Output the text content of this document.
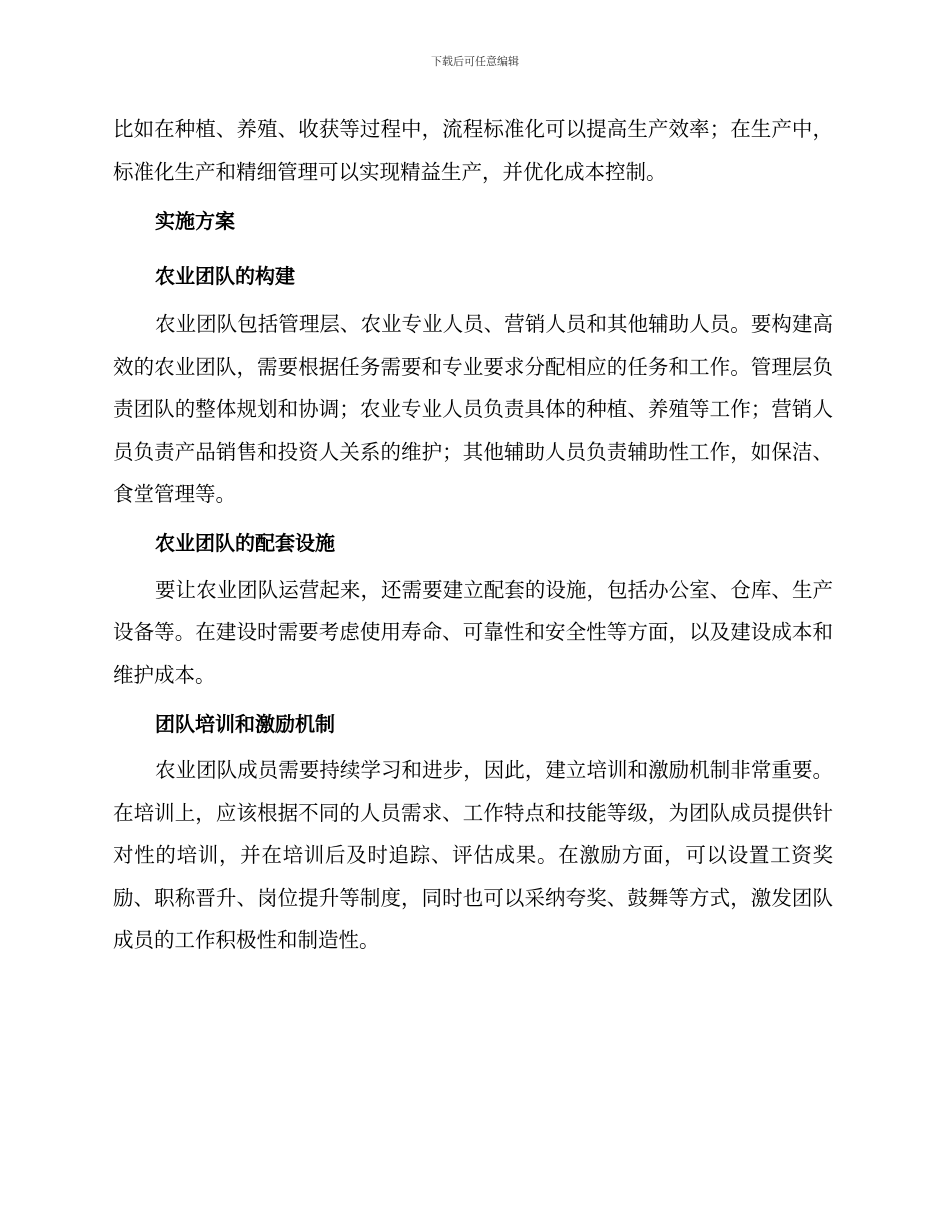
下载后可任意编辑

比如在种植、养殖、收获等过程中，流程标准化可以提高生产效率；在生产中，标准化生产和精细管理可以实现精益生产，并优化成本控制。

实施方案

农业团队的构建

农业团队包括管理层、农业专业人员、营销人员和其他辅助人员。要构建高效的农业团队，需要根据任务需要和专业要求分配相应的任务和工作。管理层负责团队的整体规划和协调；农业专业人员负责具体的种植、养殖等工作；营销人员负责产品销售和投资人关系的维护；其他辅助人员负责辅助性工作，如保洁、食堂管理等。

农业团队的配套设施

要让农业团队运营起来，还需要建立配套的设施，包括办公室、仓库、生产设备等。在建设时需要考虑使用寿命、可靠性和安全性等方面，以及建设成本和维护成本。

团队培训和激励机制

农业团队成员需要持续学习和进步，因此，建立培训和激励机制非常重要。在培训上，应该根据不同的人员需求、工作特点和技能等级，为团队成员提供针对性的培训，并在培训后及时追踪、评估成果。在激励方面，可以设置工资奖励、职称晋升、岗位提升等制度，同时也可以采纳夸奖、鼓舞等方式，激发团队成员的工作积极性和制造性。
